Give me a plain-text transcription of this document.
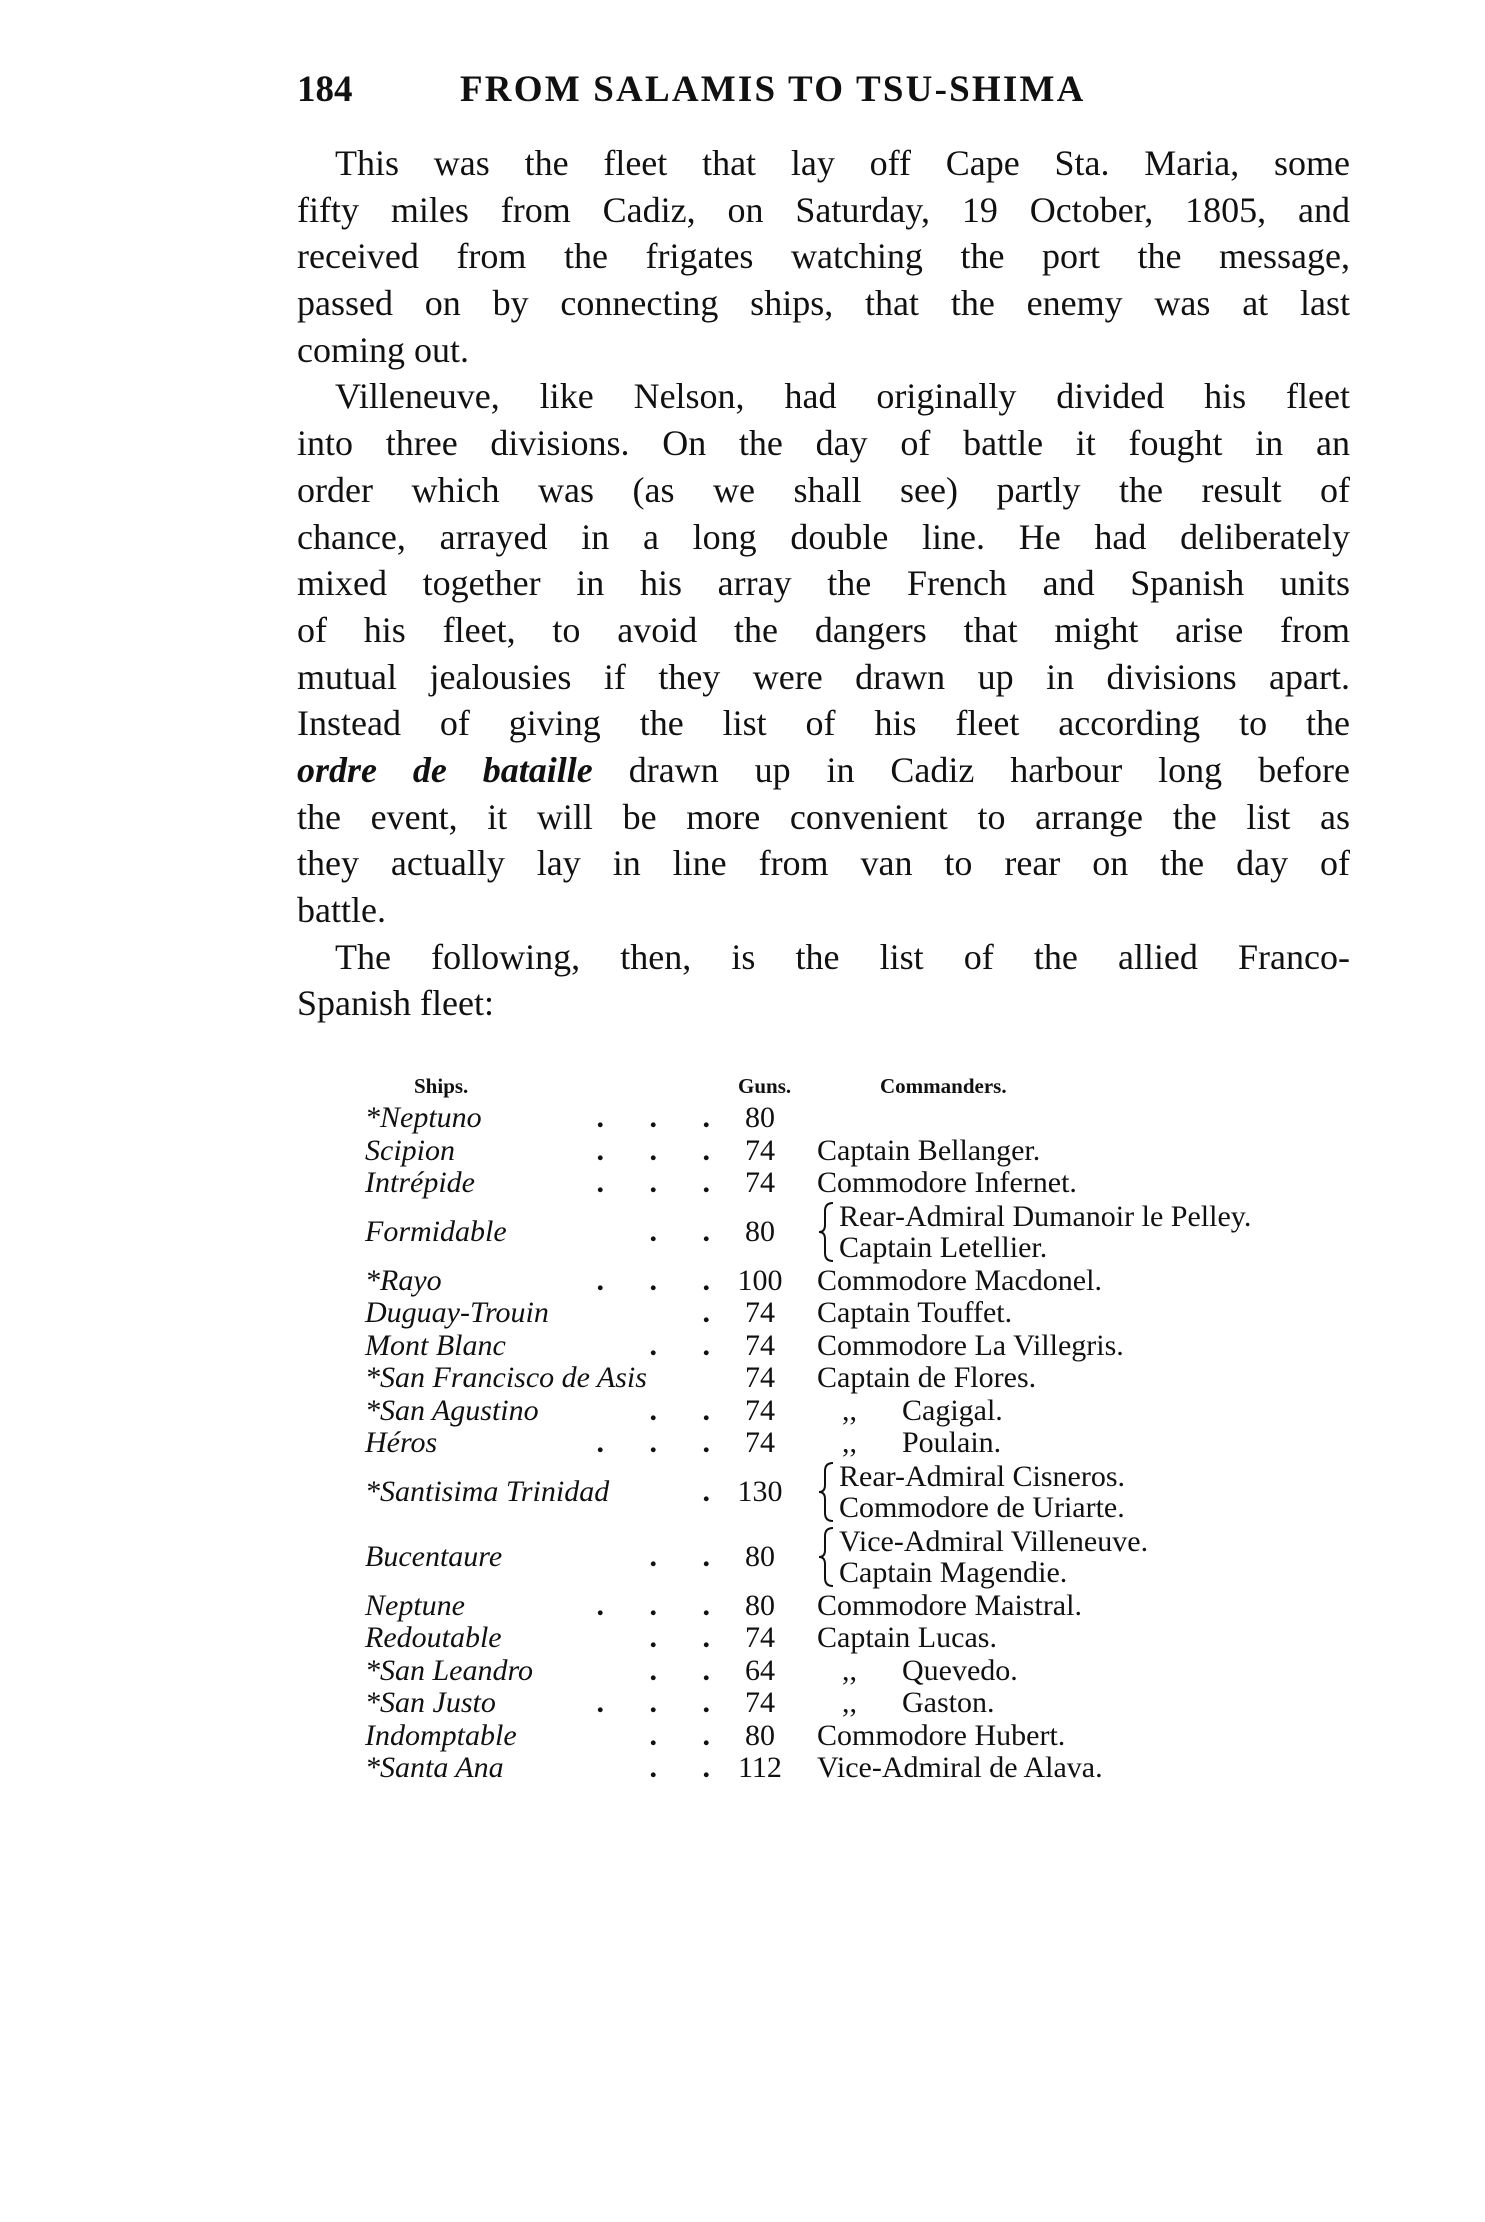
184	FROM SALAMIS TO TSU-SHIMA
This was the fleet that lay off Cape Sta. Maria, some
fifty miles from Cadiz, on Saturday, 19 October, 1805, and
received from the frigates watching the port the message,
passed on by connecting ships, that the enemy was at last
coming out.
Villeneuve, like Nelson, had originally divided his fleet
into three divisions. On the day of battle it fought in an
order which was (as we shall see) partly the result of
chance, arrayed in a long double line. He had deliberately
mixed together in his array the French and Spanish units
of his fleet, to avoid the dangers that might arise from
mutual jealousies if they were drawn up in divisions apart.
Instead of giving the list of his fleet according to the
ordre de bataille drawn up in Cadiz harbour long before
the event, it will be more convenient to arrange the list as
they actually lay in line from van to rear on the day of
battle.
The following, then, is the list of the allied Franco-
Spanish fleet:
Ships.	Guns.	Commanders.
*Neptuno	. . . 80
Scipion	. . . 74 Captain Bellanger.
Intrépide	. . . 74 Commodore Infernet.
Formidable	. . 80 Rear-Admiral Dumanoir le Pelley.
Captain Letellier.
*Rayo	. . . 100 Commodore Macdonel.
Duguay-Trouin	. 74 Captain Touffet.
Mont Blanc	. . 74 Commodore La Villegris.
*San Francisco de Asis	74 Captain de Flores.
*San Agustino	. . 74	,, Cagigal.
Héros	. . . 74	,, Poulain.
*Santisima Trinidad	. 130 Rear-Admiral Cisneros.
Commodore de Uriarte.
Bucentaure	. . 80 Vice-Admiral Villeneuve.
Captain Magendie.
Neptune	. . . 80 Commodore Maistral.
Redoutable	. . 74 Captain Lucas.
*San Leandro	. . 64	,, Quevedo.
*San Justo	. . . 74	,, Gaston.
Indomptable	. . 80 Commodore Hubert.
*Santa Ana	. . 112 Vice-Admiral de Alava.
